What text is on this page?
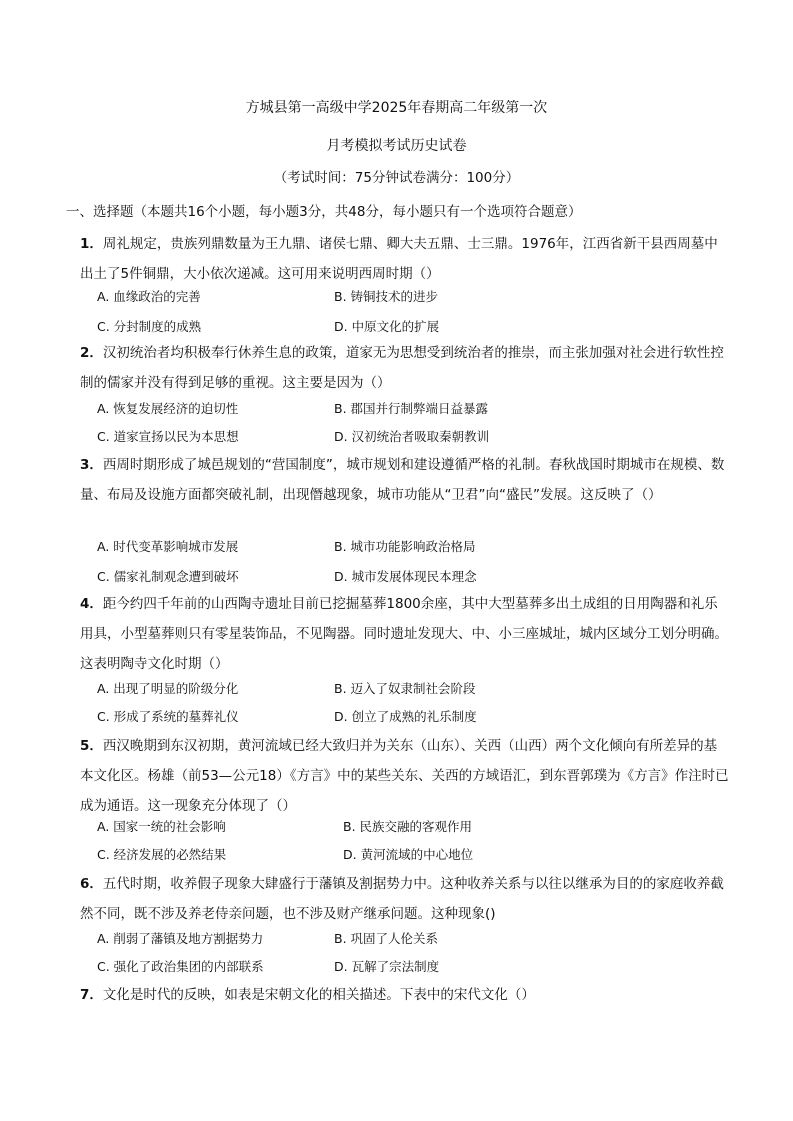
方城县第一高级中学2025年春期高二年级第一次
月考模拟考试历史试卷
（考试时间：75分钟试卷满分：100分）
一、选择题（本题共16个小题，每小题3分，共48分，每小题只有一个选项符合题意）
1．周礼规定，贵族列鼎数量为王九鼎、诸侯七鼎、卿大夫五鼎、士三鼎。1976年，江西省新干县西周墓中出土了5件铜鼎，大小依次递减。这可用来说明西周时期（）
A. 血缘政治的完善	B. 铸铜技术的进步
C. 分封制度的成熟	D. 中原文化的扩展
2．汉初统治者均积极奉行休养生息的政策，道家无为思想受到统治者的推崇，而主张加强对社会进行软性控制的儒家并没有得到足够的重视。这主要是因为（）
A. 恢复发展经济的迫切性	B. 郡国并行制弊端日益暴露
C. 道家宣扬以民为本思想	D. 汉初统治者吸取秦朝教训
3．西周时期形成了城邑规划的“营国制度”，城市规划和建设遵循严格的礼制。春秋战国时期城市在规模、数量、布局及设施方面都突破礼制，出现僭越现象，城市功能从“卫君”向“盛民”发展。这反映了（）
A. 时代变革影响城市发展	B. 城市功能影响政治格局
C. 儒家礼制观念遭到破坏	D. 城市发展体现民本理念
4．距今约四千年前的山西陶寺遗址目前已挖掘墓葬1800余座，其中大型墓葬多出土成组的日用陶器和礼乐用具，小型墓葬则只有零星装饰品，不见陶器。同时遗址发现大、中、小三座城址，城内区域分工划分明确。这表明陶寺文化时期（）
A. 出现了明显的阶级分化	B. 迈入了奴隶制社会阶段
C. 形成了系统的墓葬礼仪	D. 创立了成熟的礼乐制度
5．西汉晚期到东汉初期，黄河流域已经大致归并为关东（山东）、关西（山西）两个文化倾向有所差异的基本文化区。杨雄（前53—公元18）《方言》中的某些关东、关西的方域语汇，到东晋郭璞为《方言》作注时已成为通语。这一现象充分体现了（）
A. 国家一统的社会影响	B. 民族交融的客观作用
C. 经济发展的必然结果	D. 黄河流域的中心地位
6．五代时期，收养假子现象大肆盛行于藩镇及割据势力中。这种收养关系与以往以继承为目的的家庭收养截然不同，既不涉及养老侍亲问题，也不涉及财产继承问题。这种现象()
A. 削弱了藩镇及地方割据势力	B. 巩固了人伦关系
C. 强化了政治集团的内部联系	D. 瓦解了宗法制度
7．文化是时代的反映，如表是宋朝文化的相关描述。下表中的宋代文化（）
